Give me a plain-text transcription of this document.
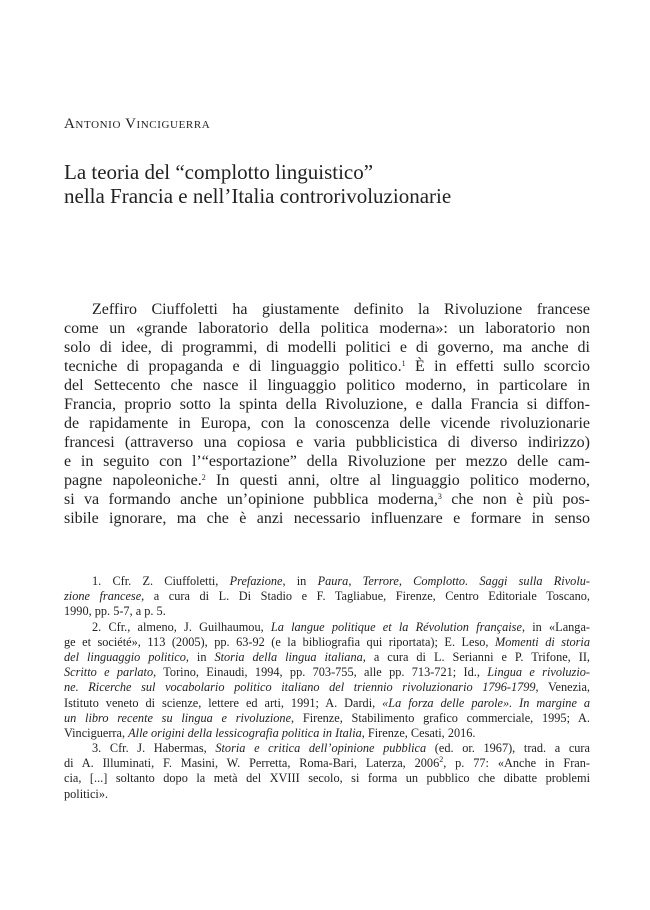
Antonio Vinciguerra
La teoria del “complotto linguistico”
nella Francia e nell’Italia controrivoluzionarie
Zeffiro Ciuffoletti ha giustamente definito la Rivoluzione francese
come un «grande laboratorio della politica moderna»: un laboratorio non
solo di idee, di programmi, di modelli politici e di governo, ma anche di
tecniche di propaganda e di linguaggio politico.$^1$ È in effetti sullo scorcio
del Settecento che nasce il linguaggio politico moderno, in particolare in
Francia, proprio sotto la spinta della Rivoluzione, e dalla Francia si diffon-
de rapidamente in Europa, con la conoscenza delle vicende rivoluzionarie
francesi (attraverso una copiosa e varia pubblicistica di diverso indirizzo)
e in seguito con l’“esportazione” della Rivoluzione per mezzo delle cam-
pagne napoleoniche.$^2$ In questi anni, oltre al linguaggio politico moderno,
si va formando anche un’opinione pubblica moderna,$^3$ che non è più pos-
sibile ignorare, ma che è anzi necessario influenzare e formare in senso
1. Cfr. Z. Ciuffoletti, Prefazione, in Paura, Terrore, Complotto. Saggi sulla Rivolu-
zione francese, a cura di L. Di Stadio e F. Tagliabue, Firenze, Centro Editoriale Toscano,
1990, pp. 5-7, a p. 5.
2. Cfr., almeno, J. Guilhaumou, La langue politique et la Révolution française, in «Langa-
ge et société», 113 (2005), pp. 63-92 (e la bibliografia qui riportata); E. Leso, Momenti di storia
del linguaggio politico, in Storia della lingua italiana, a cura di L. Serianni e P. Trifone, II,
Scritto e parlato, Torino, Einaudi, 1994, pp. 703-755, alle pp. 713-721; Id., Lingua e rivoluzio-
ne. Ricerche sul vocabolario politico italiano del triennio rivoluzionario 1796-1799, Venezia,
Istituto veneto di scienze, lettere ed arti, 1991; A. Dardi, «La forza delle parole». In margine a
un libro recente su lingua e rivoluzione, Firenze, Stabilimento grafico commerciale, 1995; A.
Vinciguerra, Alle origini della lessicografia politica in Italia, Firenze, Cesati, 2016.
3. Cfr. J. Habermas, Storia e critica dell’opinione pubblica (ed. or. 1967), trad. a cura
di A. Illuminati, F. Masini, W. Perretta, Roma-Bari, Laterza, 2006$^2$, p. 77: «Anche in Fran-
cia, [...] soltanto dopo la metà del XVIII secolo, si forma un pubblico che dibatte problemi
politici».
